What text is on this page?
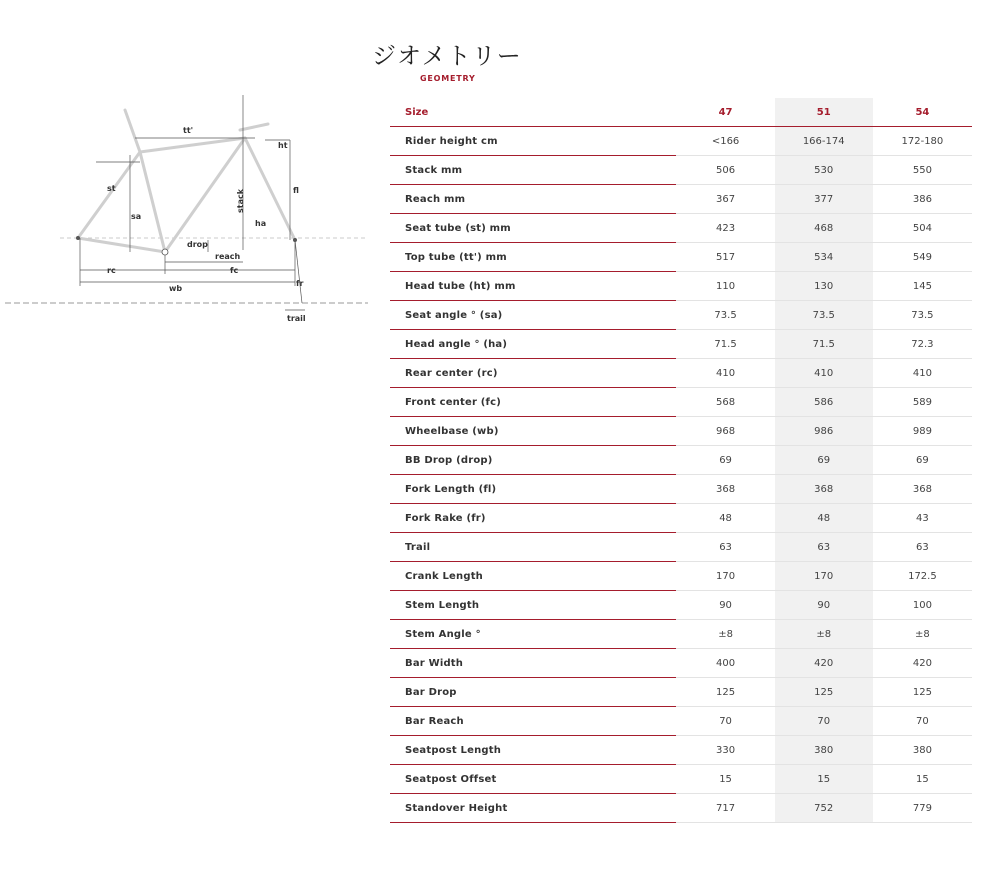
ジオメトリー
GEOMETRY
tt'
ht
st	fl
stack
sa
ha
drop
reach
rc	fc
wb
fr
trail
Size	47	51	54
Rider height cm	<166	166-174	172-180
Stack mm	506	530	550
Reach mm	367	377	386
Seat tube (st) mm	423	468	504
Top tube (tt') mm	517	534	549
Head tube (ht) mm	110	130	145
Seat angle ° (sa)	73.5	73.5	73.5
Head angle ° (ha)	71.5	71.5	72.3
Rear center (rc)	410	410	410
Front center (fc)	568	586	589
Wheelbase (wb)	968	986	989
BB Drop (drop)	69	69	69
Fork Length (fl)	368	368	368
Fork Rake (fr)	48	48	43
Trail	63	63	63
Crank Length	170	170	172.5
Stem Length	90	90	100
Stem Angle °	±8	±8	±8
Bar Width	400	420	420
Bar Drop	125	125	125
Bar Reach	70	70	70
Seatpost Length	330	380	380
Seatpost Offset	15	15	15
Standover Height	717	752	779
